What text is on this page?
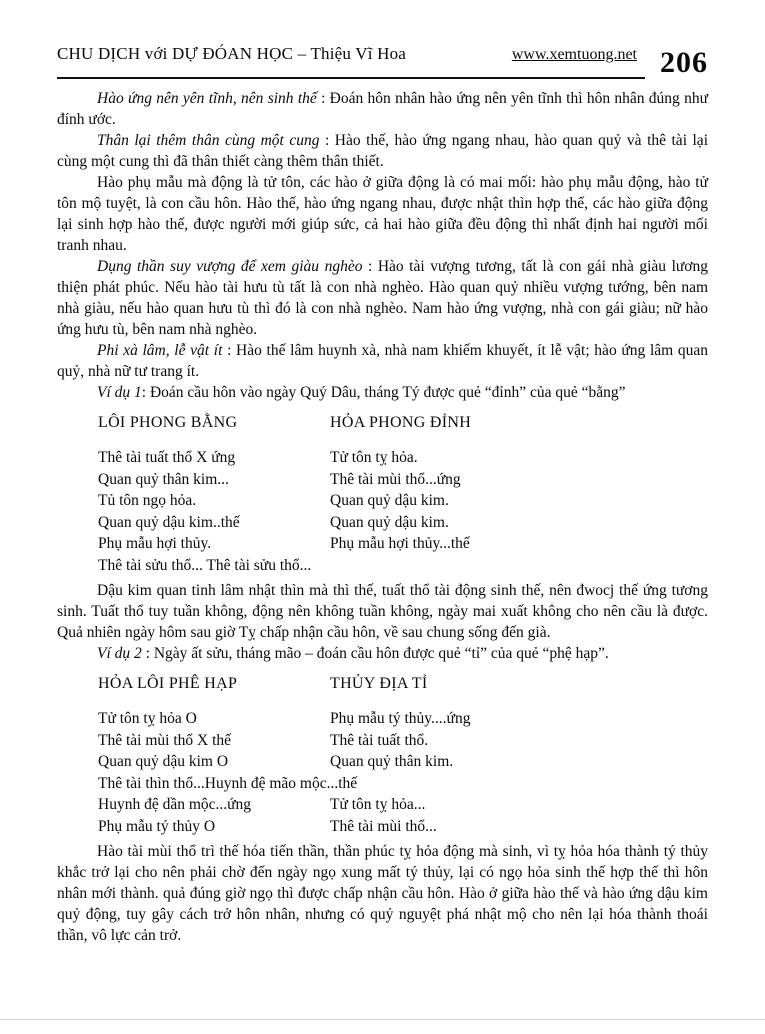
CHU DỊCH với DỰ ĐÓAN HỌC – Thiệu Vĩ Hoa	www.xemtuong.net 206

Hào ứng nên yên tĩnh, nên sinh thế : Đoán hôn nhân hào ứng nên yên tĩnh thì hôn nhân đúng như đính ước.

Thân lại thêm thân cùng một cung : Hào thế, hào ứng ngang nhau, hào quan quỷ và thê tài lại cùng một cung thì đã thân thiết càng thêm thân thiết.

Hào phụ mẫu mà động là tử tôn, các hào ở giữa động là có mai mối: hào phụ mẫu động, hào tử tôn mộ tuyệt, là con cầu hôn. Hào thế, hào ứng ngang nhau, được nhật thìn hợp thế, các hào giữa động lại sinh hợp hào thế, được người mới giúp sức, cả hai hào giữa đều động thì nhất định hai người mối tranh nhau.

Dụng thần suy vượng để xem giàu nghèo : Hào tài vượng tương, tất là con gái nhà giàu lương thiện phát phúc. Nếu hào tài hưu tù tất là con nhà nghèo. Hào quan quỷ nhiều vượng tướng, bên nam nhà giàu, nếu hào quan hưu tù thì đó là con nhà nghèo. Nam hào ứng vượng, nhà con gái giàu; nữ hào ứng hưu tù, bên nam nhà nghèo.

Phi xà lâm, lễ vật ít : Hào thế lâm huynh xà, nhà nam khiếm khuyết, ít lễ vật; hào ứng lâm quan quỷ, nhà nữ tư trang ít.

Ví dụ 1: Đoán cầu hôn vào ngày Quý Dâu, tháng Tý được quẻ “đỉnh” của quẻ “bằng”

LÔI PHONG BẰNG	HỎA PHONG ĐỈNH
Thê tài tuất thổ X ứng	Tử tôn tỵ hỏa.
Quan quỷ thân kim...	Thê tài mùi thổ...ứng
Tủ tôn ngọ hỏa.	Quan quỷ dậu kim.
Quan quỷ dậu kim..thế	Quan quỷ dậu kim.
Phụ mẫu hợi thủy.	Phụ mẫu hợi thủy...thế
Thê tài sửu thổ... Thê tài sửu thổ...

Dậu kim quan tinh lâm nhật thìn mà thì thế, tuất thổ tài động sinh thế, nên đwocj thế ứng tương sinh. Tuất thổ tuy tuần không, động nên không tuần không, ngày mai xuất không cho nên cầu là được. Quả nhiên ngày hôm sau giờ Tỵ chấp nhận cầu hôn, về sau chung sống đến già.

Ví dụ 2 : Ngày ất sửu, tháng mão – đoán cầu hôn được quẻ “tỉ” của quẻ “phệ hạp”.

HỎA LÔI PHÊ HẠP	THỦY ĐỊA TỈ
Tử tôn tỵ hỏa O	Phụ mẫu tý thủy....ứng
Thê tài mùi thổ X thế	Thê tài tuất thổ.
Quan quỷ dậu kim O	Quan quỷ thân kim.
Thê tài thìn thổ...Huynh đệ mão mộc...thế
Huynh đệ dần mộc...ứng	Tử tôn tỵ hỏa...
Phụ mẫu tý thủy O	Thê tài mùi thổ...

Hào tài mùi thổ trì thế hóa tiến thần, thần phúc tỵ hỏa động mà sinh, vì tỵ hỏa hóa thành tý thủy khắc trở lại cho nên phải chờ đến ngày ngọ xung mất tý thủy, lại có ngọ hỏa sinh thế hợp thế thì hôn nhân mới thành. quả đúng giờ ngọ thì được chấp nhận cầu hôn. Hào ở giữa hào thế và hào ứng dậu kim quỷ động, tuy gây cách trở hôn nhân, nhưng có quỷ nguyệt phá nhật mộ cho nên lại hóa thành thoái thần, vô lực cản trở.
